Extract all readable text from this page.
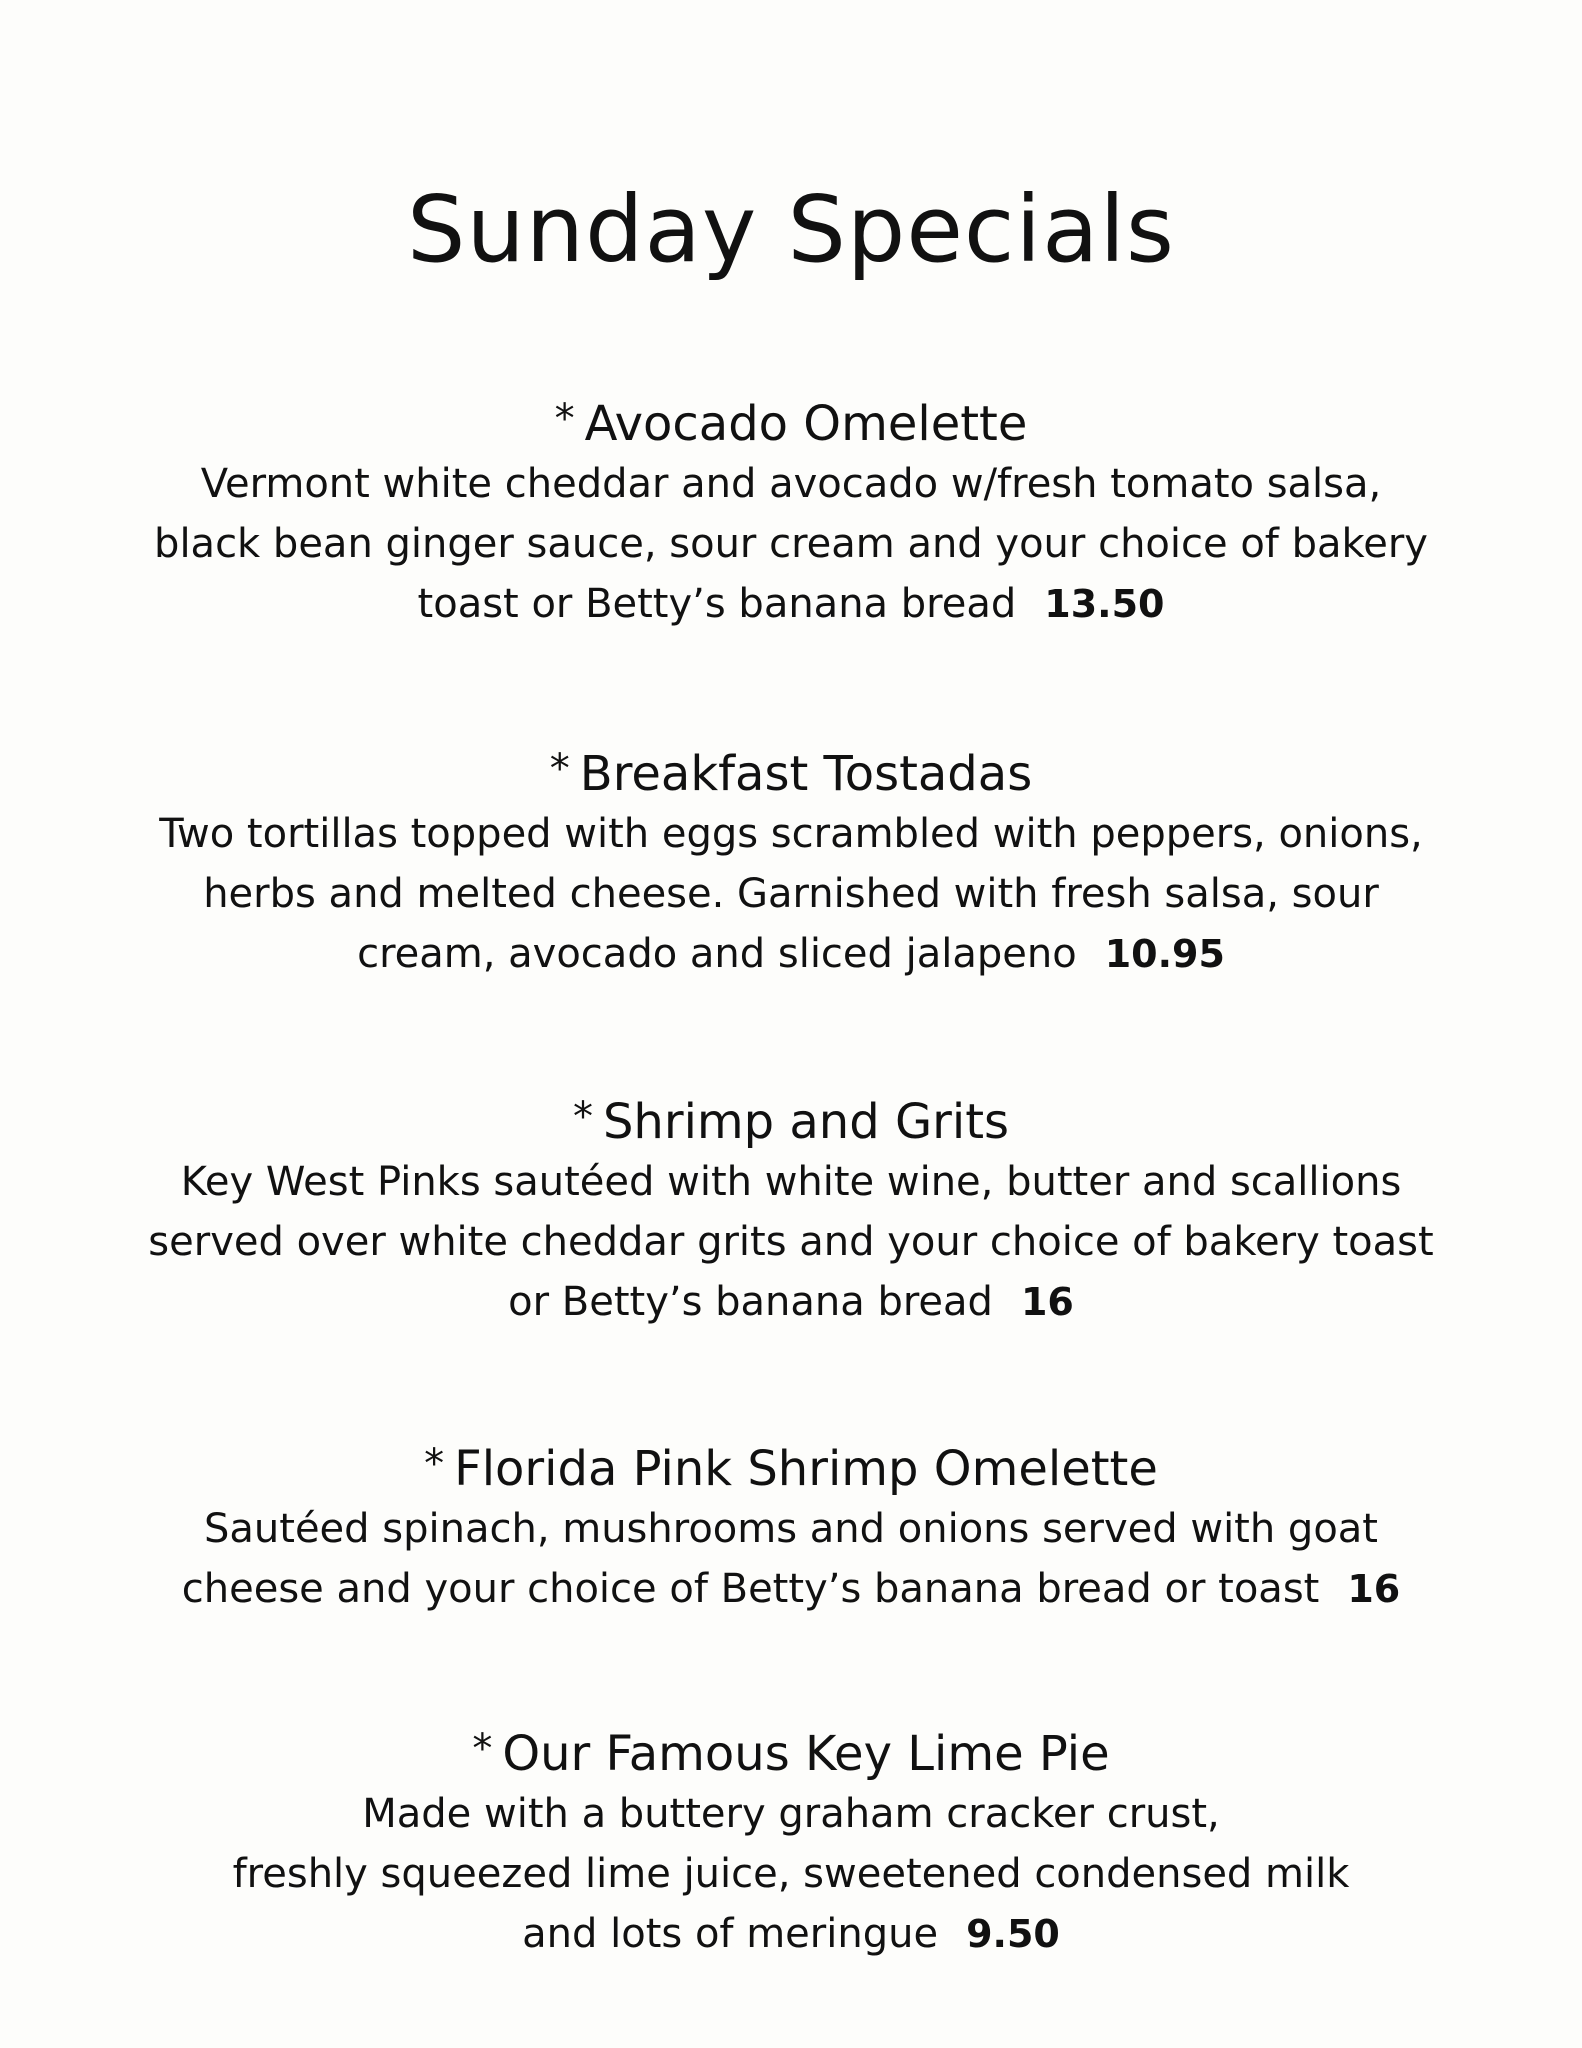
Sunday Specials
* Avocado Omelette
Vermont white cheddar and avocado w/fresh tomato salsa,
black bean ginger sauce, sour cream and your choice of bakery
toast or Betty’s banana bread 13.50
* Breakfast Tostadas
Two tortillas topped with eggs scrambled with peppers, onions,
herbs and melted cheese. Garnished with fresh salsa, sour
cream, avocado and sliced jalapeno 10.95
* Shrimp and Grits
Key West Pinks sautéed with white wine, butter and scallions
served over white cheddar grits and your choice of bakery toast
or Betty’s banana bread 16
* Florida Pink Shrimp Omelette
Sautéed spinach, mushrooms and onions served with goat
cheese and your choice of Betty’s banana bread or toast 16
* Our Famous Key Lime Pie
Made with a buttery graham cracker crust,
freshly squeezed lime juice, sweetened condensed milk
and lots of meringue 9.50
